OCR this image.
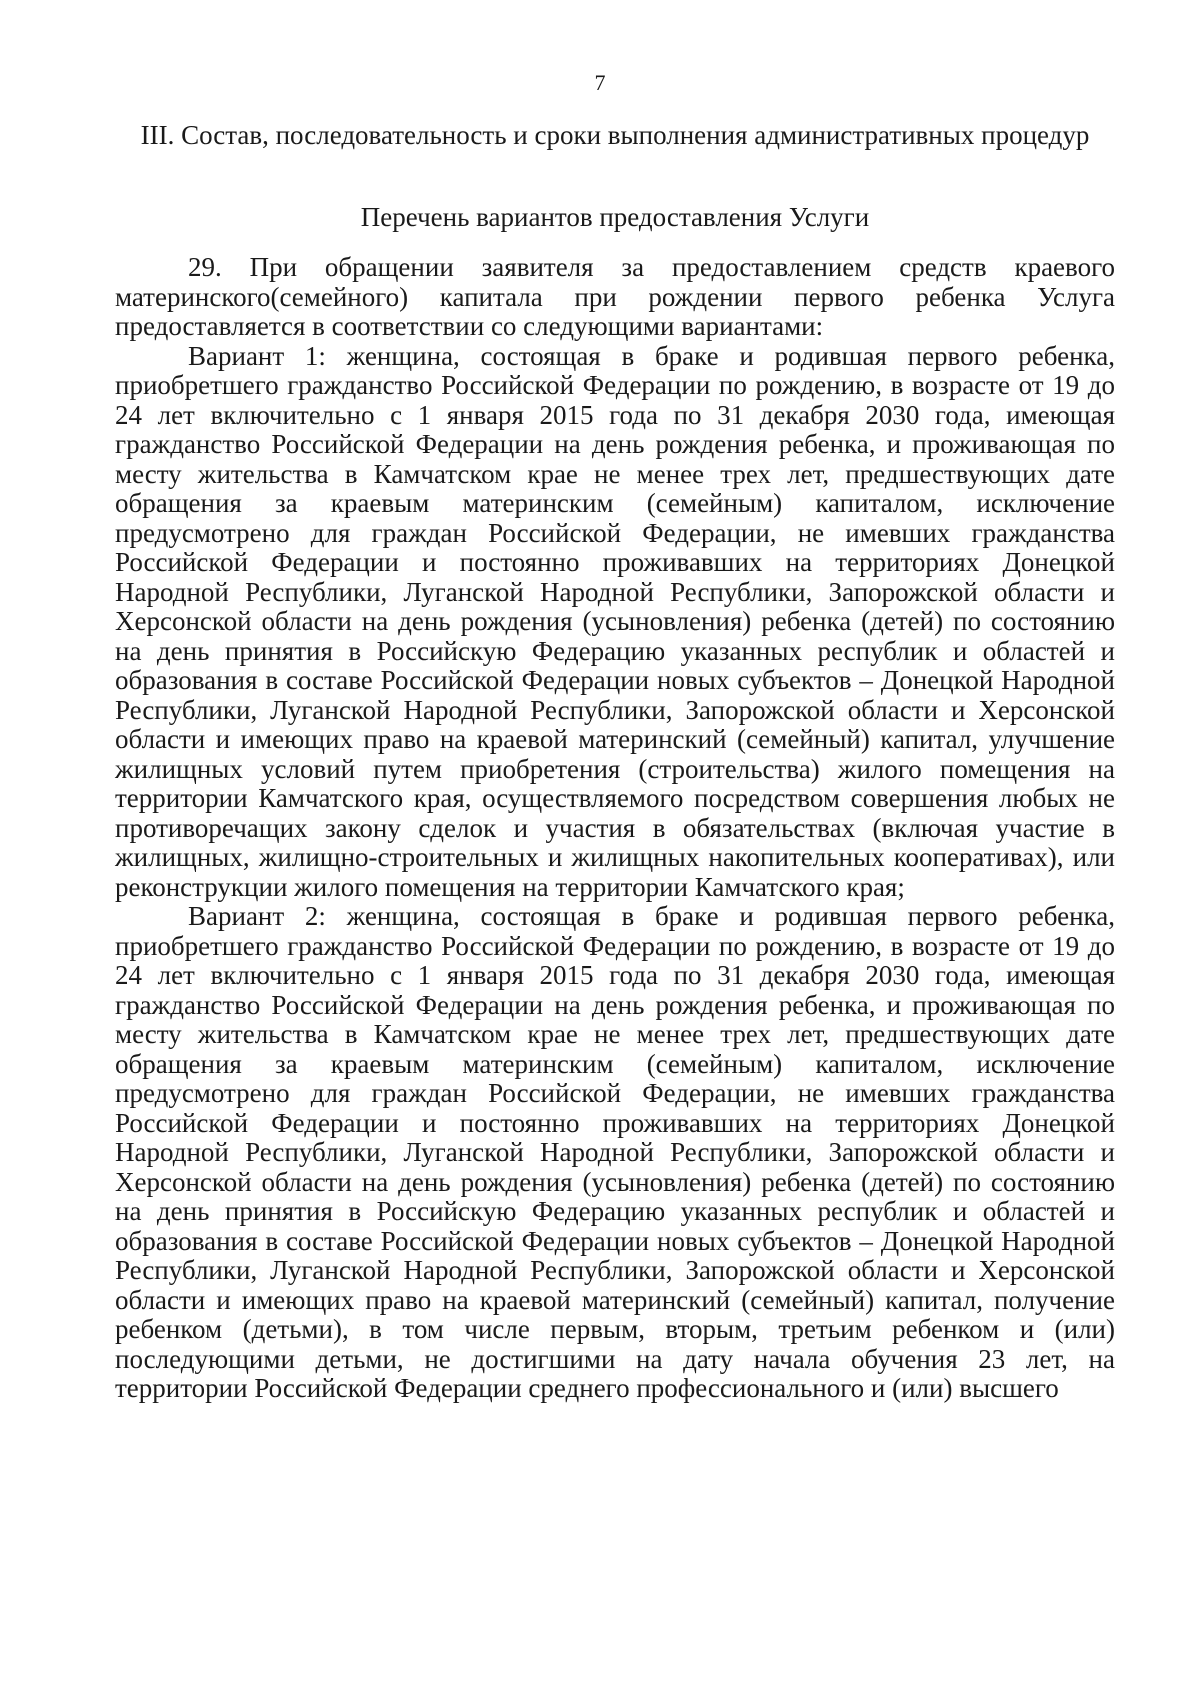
7
III. Состав, последовательность и сроки выполнения административных процедур
Перечень вариантов предоставления Услуги

29. При обращении заявителя за предоставлением средств краевого материнского(семейного) капитала при рождении первого ребенка Услуга предоставляется в соответствии со следующими вариантами:

Вариант 1: женщина, состоящая в браке и родившая первого ребенка, приобретшего гражданство Российской Федерации по рождению, в возрасте от 19 до 24 лет включительно с 1 января 2015 года по 31 декабря 2030 года, имеющая гражданство Российской Федерации на день рождения ребенка, и проживающая по месту жительства в Камчатском крае не менее трех лет, предшествующих дате обращения за краевым материнским (семейным) капиталом, исключение предусмотрено для граждан Российской Федерации, не имевших гражданства Российской Федерации и постоянно проживавших на территориях Донецкой Народной Республики, Луганской Народной Республики, Запорожской области и Херсонской области на день рождения (усыновления) ребенка (детей) по состоянию на день принятия в Российскую Федерацию указанных республик и областей и образования в составе Российской Федерации новых субъектов – Донецкой Народной Республики, Луганской Народной Республики, Запорожской области и Херсонской области и имеющих право на краевой материнский (семейный) капитал, улучшение жилищных условий путем приобретения (строительства) жилого помещения на территории Камчатского края, осуществляемого посредством совершения любых не противоречащих закону сделок и участия в обязательствах (включая участие в жилищных, жилищно-строительных и жилищных накопительных кооперативах), или реконструкции жилого помещения на территории Камчатского края;

Вариант 2: женщина, состоящая в браке и родившая первого ребенка, приобретшего гражданство Российской Федерации по рождению, в возрасте от 19 до 24 лет включительно с 1 января 2015 года по 31 декабря 2030 года, имеющая гражданство Российской Федерации на день рождения ребенка, и проживающая по месту жительства в Камчатском крае не менее трех лет, предшествующих дате обращения за краевым материнским (семейным) капиталом, исключение предусмотрено для граждан Российской Федерации, не имевших гражданства Российской Федерации и постоянно проживавших на территориях Донецкой Народной Республики, Луганской Народной Республики, Запорожской области и Херсонской области на день рождения (усыновления) ребенка (детей) по состоянию на день принятия в Российскую Федерацию указанных республик и областей и образования в составе Российской Федерации новых субъектов – Донецкой Народной Республики, Луганской Народной Республики, Запорожской области и Херсонской области и имеющих право на краевой материнский (семейный) капитал, получение ребенком (детьми), в том числе первым, вторым, третьим ребенком и (или) последующими детьми, не достигшими на дату начала обучения 23 лет, на территории Российской Федерации среднего профессионального и (или) высшего
